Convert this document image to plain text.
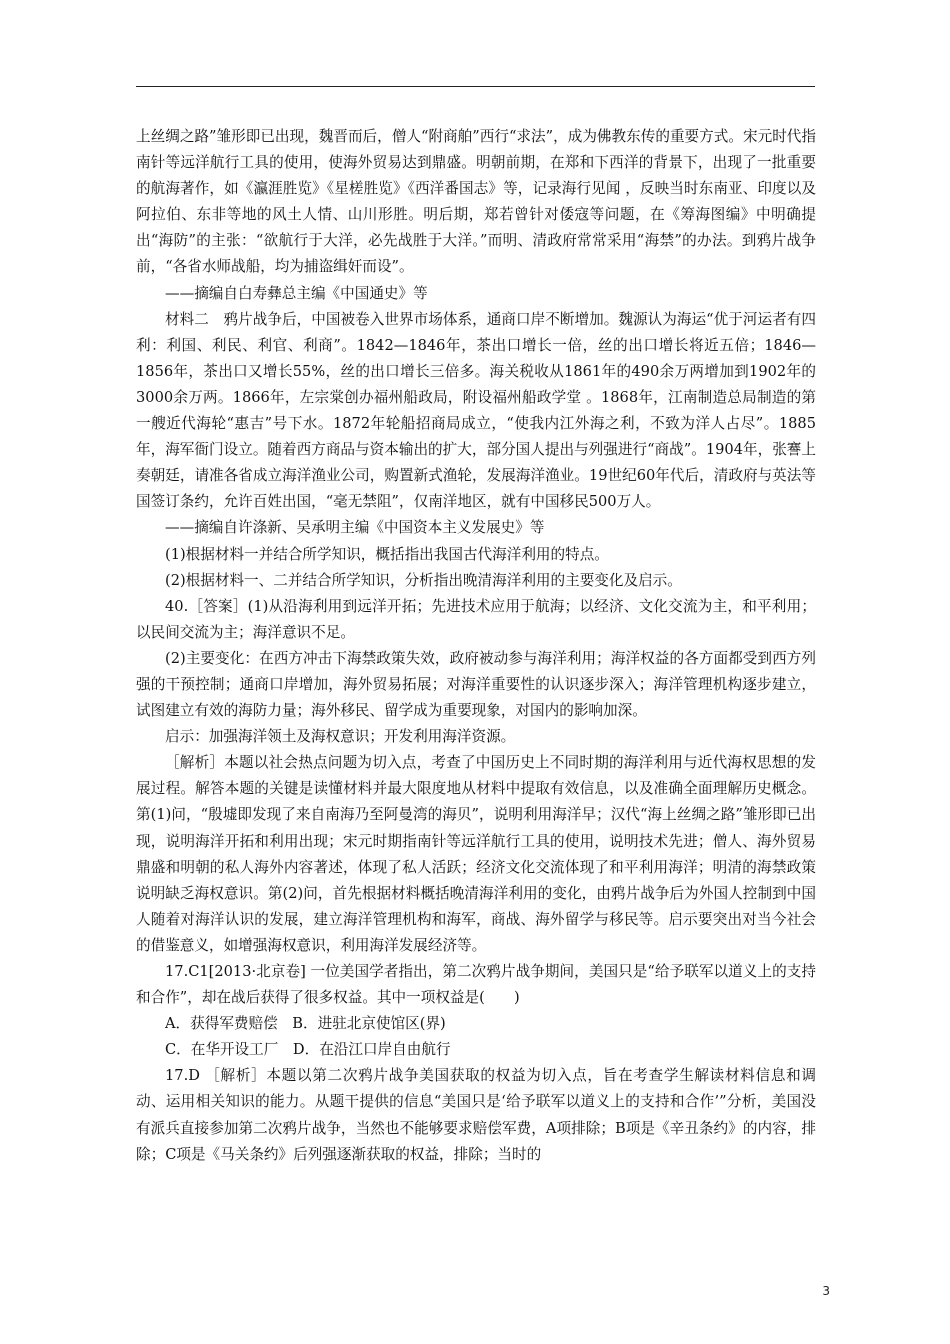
上丝绸之路”雏形即已出现，魏晋而后，僧人“附商舶”西行“求法”，成为佛教东传的重要方式。宋元时代指南针等远洋航行工具的使用，使海外贸易达到鼎盛。明朝前期，在郑和下西洋的背景下，出现了一批重要的航海著作，如《瀛涯胜览》《星槎胜览》《西洋番国志》等，记录海行见闻 ，反映当时东南亚、印度以及阿拉伯、东非等地的风土人情、山川形胜。明后期，郑若曾针对倭寇等问题，在《筹海图编》中明确提出“海防”的主张：“欲航行于大洋，必先战胜于大洋。”而明、清政府常常采用“海禁”的办法。到鸦片战争前，“各省水师战船，均为捕盗缉奸而设”。

——摘编自白寿彝总主编《中国通史》等

材料二　鸦片战争后，中国被卷入世界市场体系，通商口岸不断增加。魏源认为海运“优于河运者有四利：利国、利民、利官、利商”。1842—1846年，茶出口增长一倍，丝的出口增长将近五倍；1846—1856年，茶出口又增长55%，丝的出口增长三倍多。海关税收从1861年的490余万两增加到1902年的3000余万两。1866年，左宗棠创办福州船政局，附设福州船政学堂 。1868年，江南制造总局制造的第一艘近代海轮“惠吉”号下水。1872年轮船招商局成立，“使我内江外海之利，不致为洋人占尽”。1885年，海军衙门设立。随着西方商品与资本输出的扩大，部分国人提出与列强进行“商战”。1904年，张謇上奏朝廷，请准各省成立海洋渔业公司，购置新式渔轮，发展海洋渔业。19世纪60年代后，清政府与英法等国签订条约，允许百姓出国，“毫无禁阻”，仅南洋地区，就有中国移民500万人。

——摘编自许涤新、吴承明主编《中国资本主义发展史》等

(1)根据材料一并结合所学知识，概括指出我国古代海洋利用的特点。

(2)根据材料一、二并结合所学知识，分析指出晚清海洋利用的主要变化及启示。

40.［答案］(1)从沿海利用到远洋开拓；先进技术应用于航海；以经济、文化交流为主，和平利用；以民间交流为主；海洋意识不足。

(2)主要变化：在西方冲击下海禁政策失效，政府被动参与海洋利用；海洋权益的各方面都受到西方列强的干预控制；通商口岸增加，海外贸易拓展；对海洋重要性的认识逐步深入；海洋管理机构逐步建立，试图建立有效的海防力量；海外移民、留学成为重要现象，对国内的影响加深。

启示：加强海洋领土及海权意识；开发利用海洋资源。

［解析］本题以社会热点问题为切入点，考查了中国历史上不同时期的海洋利用与近代海权思想的发展过程。解答本题的关键是读懂材料并最大限度地从材料中提取有效信息，以及准确全面理解历史概念。第(1)问，“殷墟即发现了来自南海乃至阿曼湾的海贝”，说明利用海洋早；汉代“海上丝绸之路”雏形即已出现，说明海洋开拓和利用出现；宋元时期指南针等远洋航行工具的使用，说明技术先进；僧人、海外贸易鼎盛和明朝的私人海外内容著述，体现了私人活跃；经济文化交流体现了和平利用海洋；明清的海禁政策说明缺乏海权意识。第(2)问，首先根据材料概括晚清海洋利用的变化，由鸦片战争后为外国人控制到中国人随着对海洋认识的发展，建立海洋管理机构和海军，商战、海外留学与移民等。启示要突出对当今社会的借鉴意义，如增强海权意识，利用海洋发展经济等。

17.C1[2013·北京卷] 一位美国学者指出，第二次鸦片战争期间，美国只是“给予联军以道义上的支持和合作”，却在战后获得了很多权益。其中一项权益是(　　)

A．获得军费赔偿　B．进驻北京使馆区(界)

C．在华开设工厂　D．在沿江口岸自由航行

17.D ［解析］本题以第二次鸦片战争美国获取的权益为切入点，旨在考查学生解读材料信息和调动、运用相关知识的能力。从题干提供的信息“美国只是‘给予联军以道义上的支持和合作’”分析，美国没有派兵直接参加第二次鸦片战争，当然也不能够要求赔偿军费，A项排除；B项是《辛丑条约》的内容，排除；C项是《马关条约》后列强逐渐获取的权益，排除；当时的

3
